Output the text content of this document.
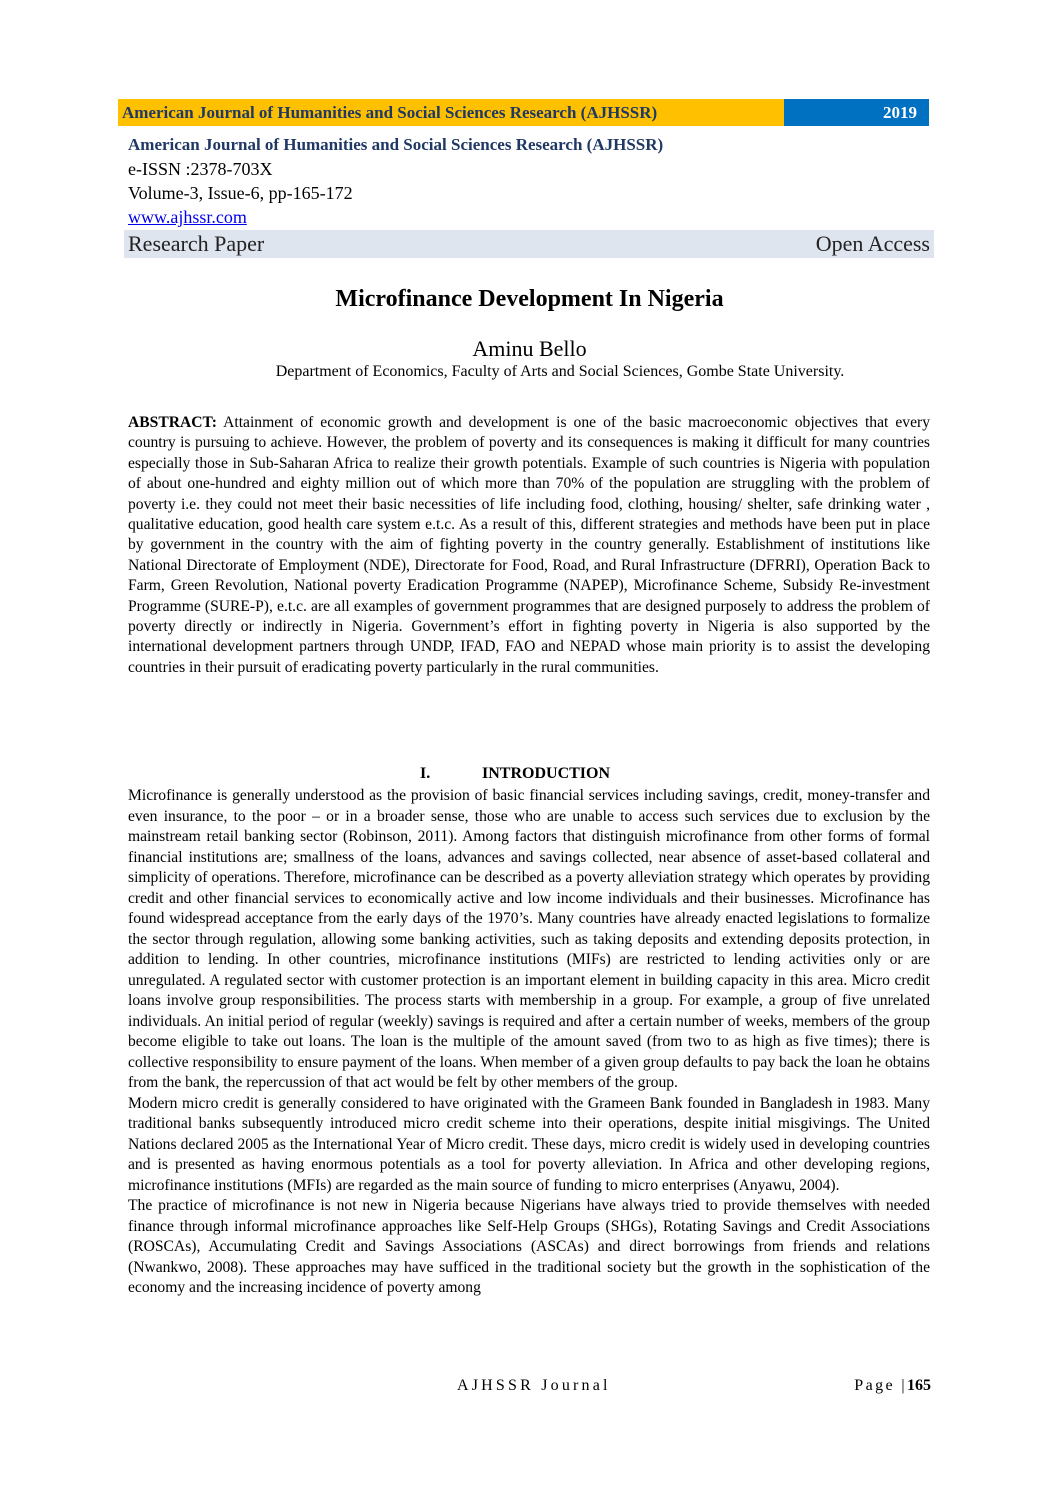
American Journal of Humanities and Social Sciences Research (AJHSSR)	2019
American Journal of Humanities and Social Sciences Research (AJHSSR)
e-ISSN :2378-703X
Volume-3, Issue-6, pp-165-172
www.ajhssr.com
Research Paper	Open Access
Microfinance Development In Nigeria
Aminu Bello
Department of Economics, Faculty of Arts and Social Sciences, Gombe State University.

ABSTRACT: Attainment of economic growth and development is one of the basic macroeconomic objectives that every country is pursuing to achieve. However, the problem of poverty and its consequences is making it difficult for many countries especially those in Sub-Saharan Africa to realize their growth potentials. Example of such countries is Nigeria with population of about one-hundred and eighty million out of which more than 70% of the population are struggling with the problem of poverty i.e. they could not meet their basic necessities of life including food, clothing, housing/ shelter, safe drinking water , qualitative education, good health care system e.t.c. As a result of this, different strategies and methods have been put in place by government in the country with the aim of fighting poverty in the country generally. Establishment of institutions like National Directorate of Employment (NDE), Directorate for Food, Road, and Rural Infrastructure (DFRRI), Operation Back to Farm, Green Revolution, National poverty Eradication Programme (NAPEP), Microfinance Scheme, Subsidy Re-investment Programme (SURE-P), e.t.c. are all examples of government programmes that are designed purposely to address the problem of poverty directly or indirectly in Nigeria. Government’s effort in fighting poverty in Nigeria is also supported by the international development partners through UNDP, IFAD, FAO and NEPAD whose main priority is to assist the developing countries in their pursuit of eradicating poverty particularly in the rural communities.

I.	INTRODUCTION

Microfinance is generally understood as the provision of basic financial services including savings, credit, money-transfer and even insurance, to the poor – or in a broader sense, those who are unable to access such services due to exclusion by the mainstream retail banking sector (Robinson, 2011). Among factors that distinguish microfinance from other forms of formal financial institutions are; smallness of the loans, advances and savings collected, near absence of asset-based collateral and simplicity of operations. Therefore, microfinance can be described as a poverty alleviation strategy which operates by providing credit and other financial services to economically active and low income individuals and their businesses. Microfinance has found widespread acceptance from the early days of the 1970’s. Many countries have already enacted legislations to formalize the sector through regulation, allowing some banking activities, such as taking deposits and extending deposits protection, in addition to lending. In other countries, microfinance institutions (MIFs) are restricted to lending activities only or are unregulated. A regulated sector with customer protection is an important element in building capacity in this area. Micro credit loans involve group responsibilities. The process starts with membership in a group. For example, a group of five unrelated individuals. An initial period of regular (weekly) savings is required and after a certain number of weeks, members of the group become eligible to take out loans. The loan is the multiple of the amount saved (from two to as high as five times); there is collective responsibility to ensure payment of the loans. When member of a given group defaults to pay back the loan he obtains from the bank, the repercussion of that act would be felt by other members of the group.

Modern micro credit is generally considered to have originated with the Grameen Bank founded in Bangladesh in 1983. Many traditional banks subsequently introduced micro credit scheme into their operations, despite initial misgivings. The United Nations declared 2005 as the International Year of Micro credit. These days, micro credit is widely used in developing countries and is presented as having enormous potentials as a tool for poverty alleviation. In Africa and other developing regions, microfinance institutions (MFIs) are regarded as the main source of funding to micro enterprises (Anyawu, 2004).

The practice of microfinance is not new in Nigeria because Nigerians have always tried to provide themselves with needed finance through informal microfinance approaches like Self-Help Groups (SHGs), Rotating Savings and Credit Associations (ROSCAs), Accumulating Credit and Savings Associations (ASCAs) and direct borrowings from friends and relations (Nwankwo, 2008). These approaches may have sufficed in the traditional society but the growth in the sophistication of the economy and the increasing incidence of poverty among

AJHSSR Journal	Page |165
